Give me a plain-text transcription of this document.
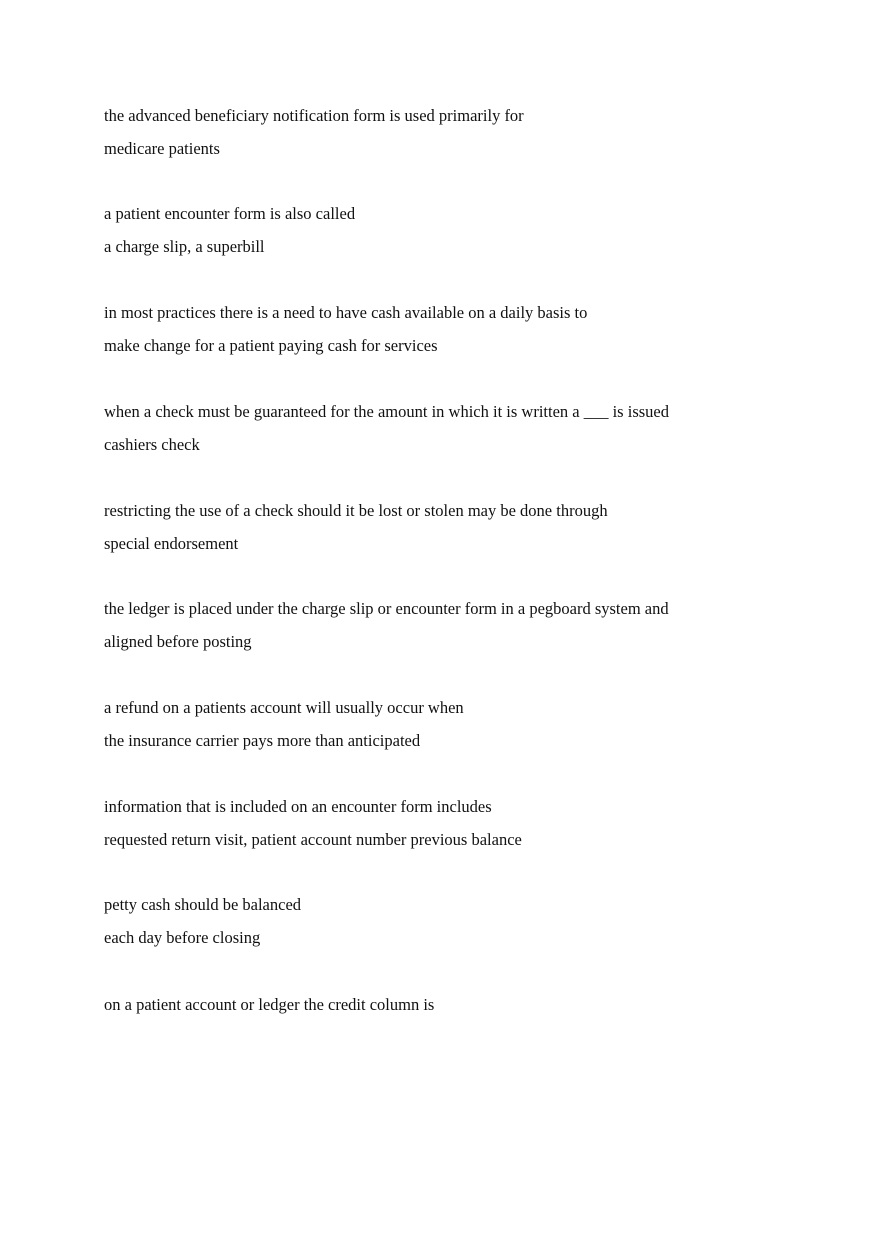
the advanced beneficiary notification form is used primarily for
medicare patients
a patient encounter form is also called
a charge slip, a superbill
in most practices there is a need to have cash available on a daily basis to
make change for a patient paying cash for services
when a check must be guaranteed for the amount in which it is written a ___ is issued
cashiers check
restricting the use of a check should it be lost or stolen may be done through
special endorsement
the ledger is placed under the charge slip or encounter form in a pegboard system and
aligned before posting
a refund on a patients account will usually occur when
the insurance carrier pays more than anticipated
information that is included on an encounter form includes
requested return visit, patient account number previous balance
petty cash should be balanced
each day before closing
on a patient account or ledger the credit column is
